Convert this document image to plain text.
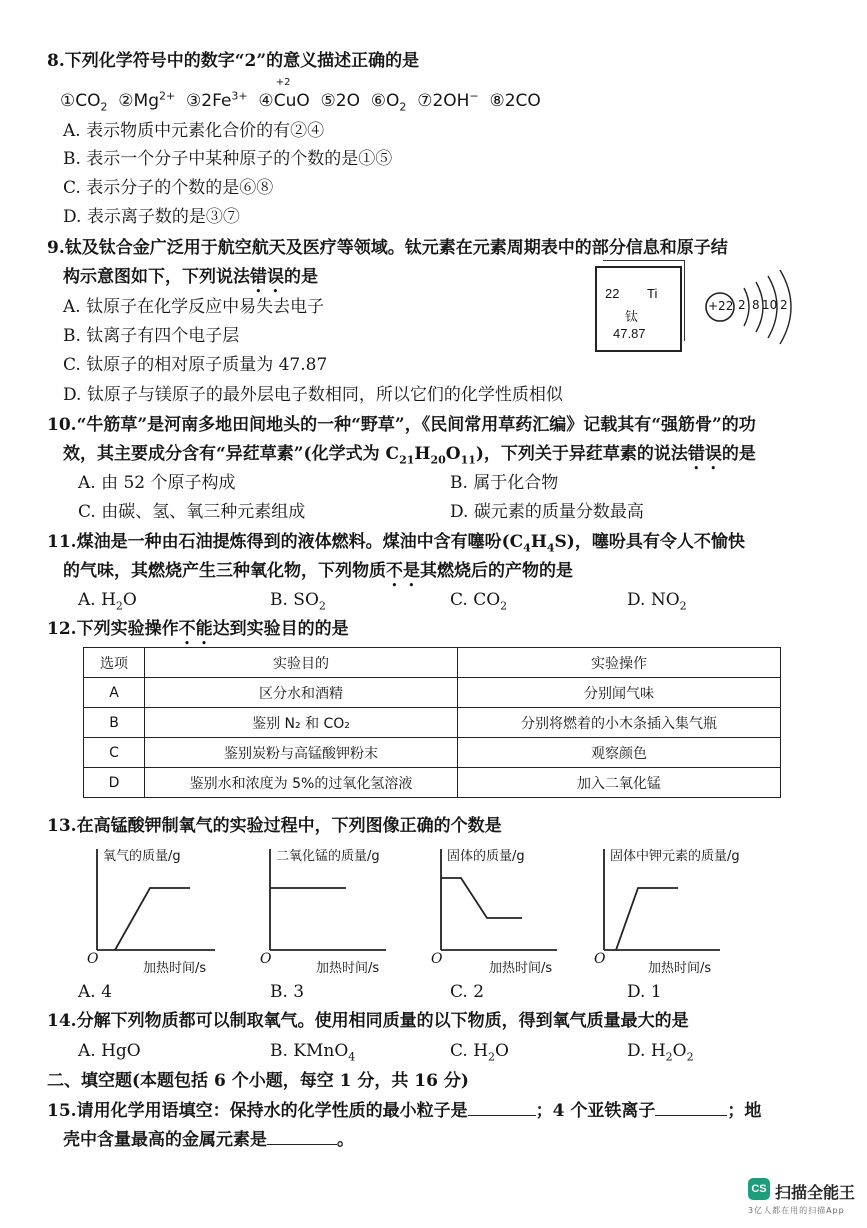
8.下列化学符号中的数字“2”的意义描述正确的是
$①CO_2$  $②Mg^{2+}$  $③2Fe^{3+}$  ④
+2
CuO  ⑤2O  $⑥O_2$  ⑦2OH−  ⑧2CO
A. 表示物质中元素化合价的有②④
B. 表示一个分子中某种原子的个数的是①⑤
C. 表示分子的个数的是⑥⑧
D. 表示离子数的是③⑦
9.钛及钛合金广泛用于航空航天及医疗等领域。钛元素在元素周期表中的部分信息和原子结
构示意图如下，下列说法错误的是
A. 钛原子在化学反应中易失去电子
B. 钛离子有四个电子层
C. 钛原子的相对原子质量为 47.87
D. 钛原子与镁原子的最外层电子数相同，所以它们的化学性质相似
22 Ti
钛
47.87
+22 2 8 10 2
10.“牛筋草”是河南多地田间地头的一种“野草”，《民间常用草药汇编》记载其有“强筋骨”的功
效，其主要成分含有“异荭草素”(化学式为 $C_{21}H_{20}O_{11}$)，下列关于异荭草素的说法错误的是
A. 由 52 个原子构成	B. 属于化合物
C. 由碳、氢、氧三种元素组成	D. 碳元素的质量分数最高
11.煤油是一种由石油提炼得到的液体燃料。煤油中含有噻吩$(C_4H_4S)$，噻吩具有令人不愉快
的气味，其燃烧产生三种氧化物，下列物质不是其燃烧后的产物的是
A. $H_2O$	B. $SO_2$	C. $CO_2$	D. $NO_2$
12.下列实验操作不能达到实验目的的是
选项	实验目的	实验操作
A	区分水和酒精	分别闻气味
B	鉴别 N₂ 和 CO₂	分别将燃着的小木条插入集气瓶
C	鉴别炭粉与高锰酸钾粉末	观察颜色
D	鉴别水和浓度为 5%的过氧化氢溶液	加入二氧化锰
13.在高锰酸钾制氧气的实验过程中，下列图像正确的个数是
氧气的质量/g
O
加热时间/s
二氧化锰的质量/g
O
加热时间/s
固体的质量/g
O
加热时间/s
固体中钾元素的质量/g
O
加热时间/s
A. 4	B. 3	C. 2	D. 1
14.分解下列物质都可以制取氧气。使用相同质量的以下物质，得到氧气质量最大的是
A. HgO	B. KMnO$_4$	C. $H_2O$	D. $H_2O_2$
二、填空题(本题包括 6 个小题，每空 1 分，共 16 分)
15.请用化学用语填空：保持水的化学性质的最小粒子是	；4 个亚铁离子	；地
壳中含量最高的金属元素是	。
CS 扫描全能王
3亿人都在用的扫描App
